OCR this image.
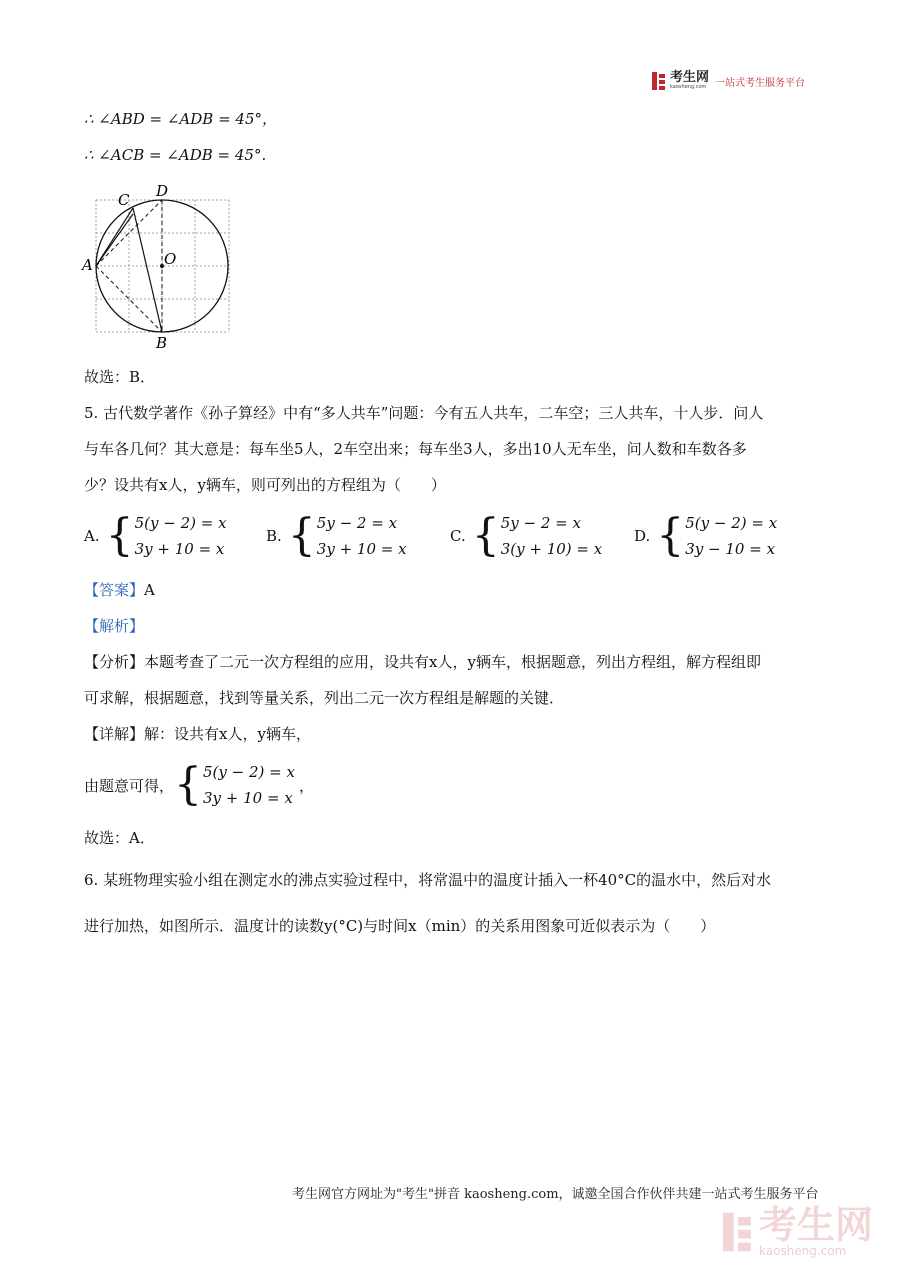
考生网
kaosheng.com 一站式考生服务平台
∴ ∠ABD = ∠ADB = 45°，
∴ ∠ACB = ∠ADB = 45°.
A
C D
O
B
故选：B．
5. 古代数学著作《孙子算经》中有“多人共车”问题：今有五人共车，二车空；三人共车，十人步．问人
与车各几何？其大意是：每车坐5人，2车空出来；每车坐3人，多出10人无车坐，问人数和车数各多
少？设共有x人，y辆车，则可列出的方程组为（　　）
A. { 5(y − 2) = x
3y + 10 = x
B. { 5y − 2 = x
3y + 10 = x
C. { 5y − 2 = x
3(y + 10) = x
D. { 5(y − 2) = x
3y − 10 = x
【答案】A
【解析】
【分析】本题考查了二元一次方程组的应用，设共有x人，y辆车，根据题意，列出方程组，解方程组即
可求解，根据题意，找到等量关系，列出二元一次方程组是解题的关键．
【详解】解：设共有x人，y辆车，
由题意可得， { 5(y − 2) = x
3y + 10 = x
，
故选：A．
6. 某班物理实验小组在测定水的沸点实验过程中，将常温中的温度计插入一杯40°C的温水中，然后对水
进行加热，如图所示．温度计的读数y(°C)与时间x（min）的关系用图象可近似表示为（　　）
考生网官方网址为"考生"拼音 kaosheng.com，诚邀全国合作伙伴共建一站式考生服务平台
考生网
kaosheng.com
